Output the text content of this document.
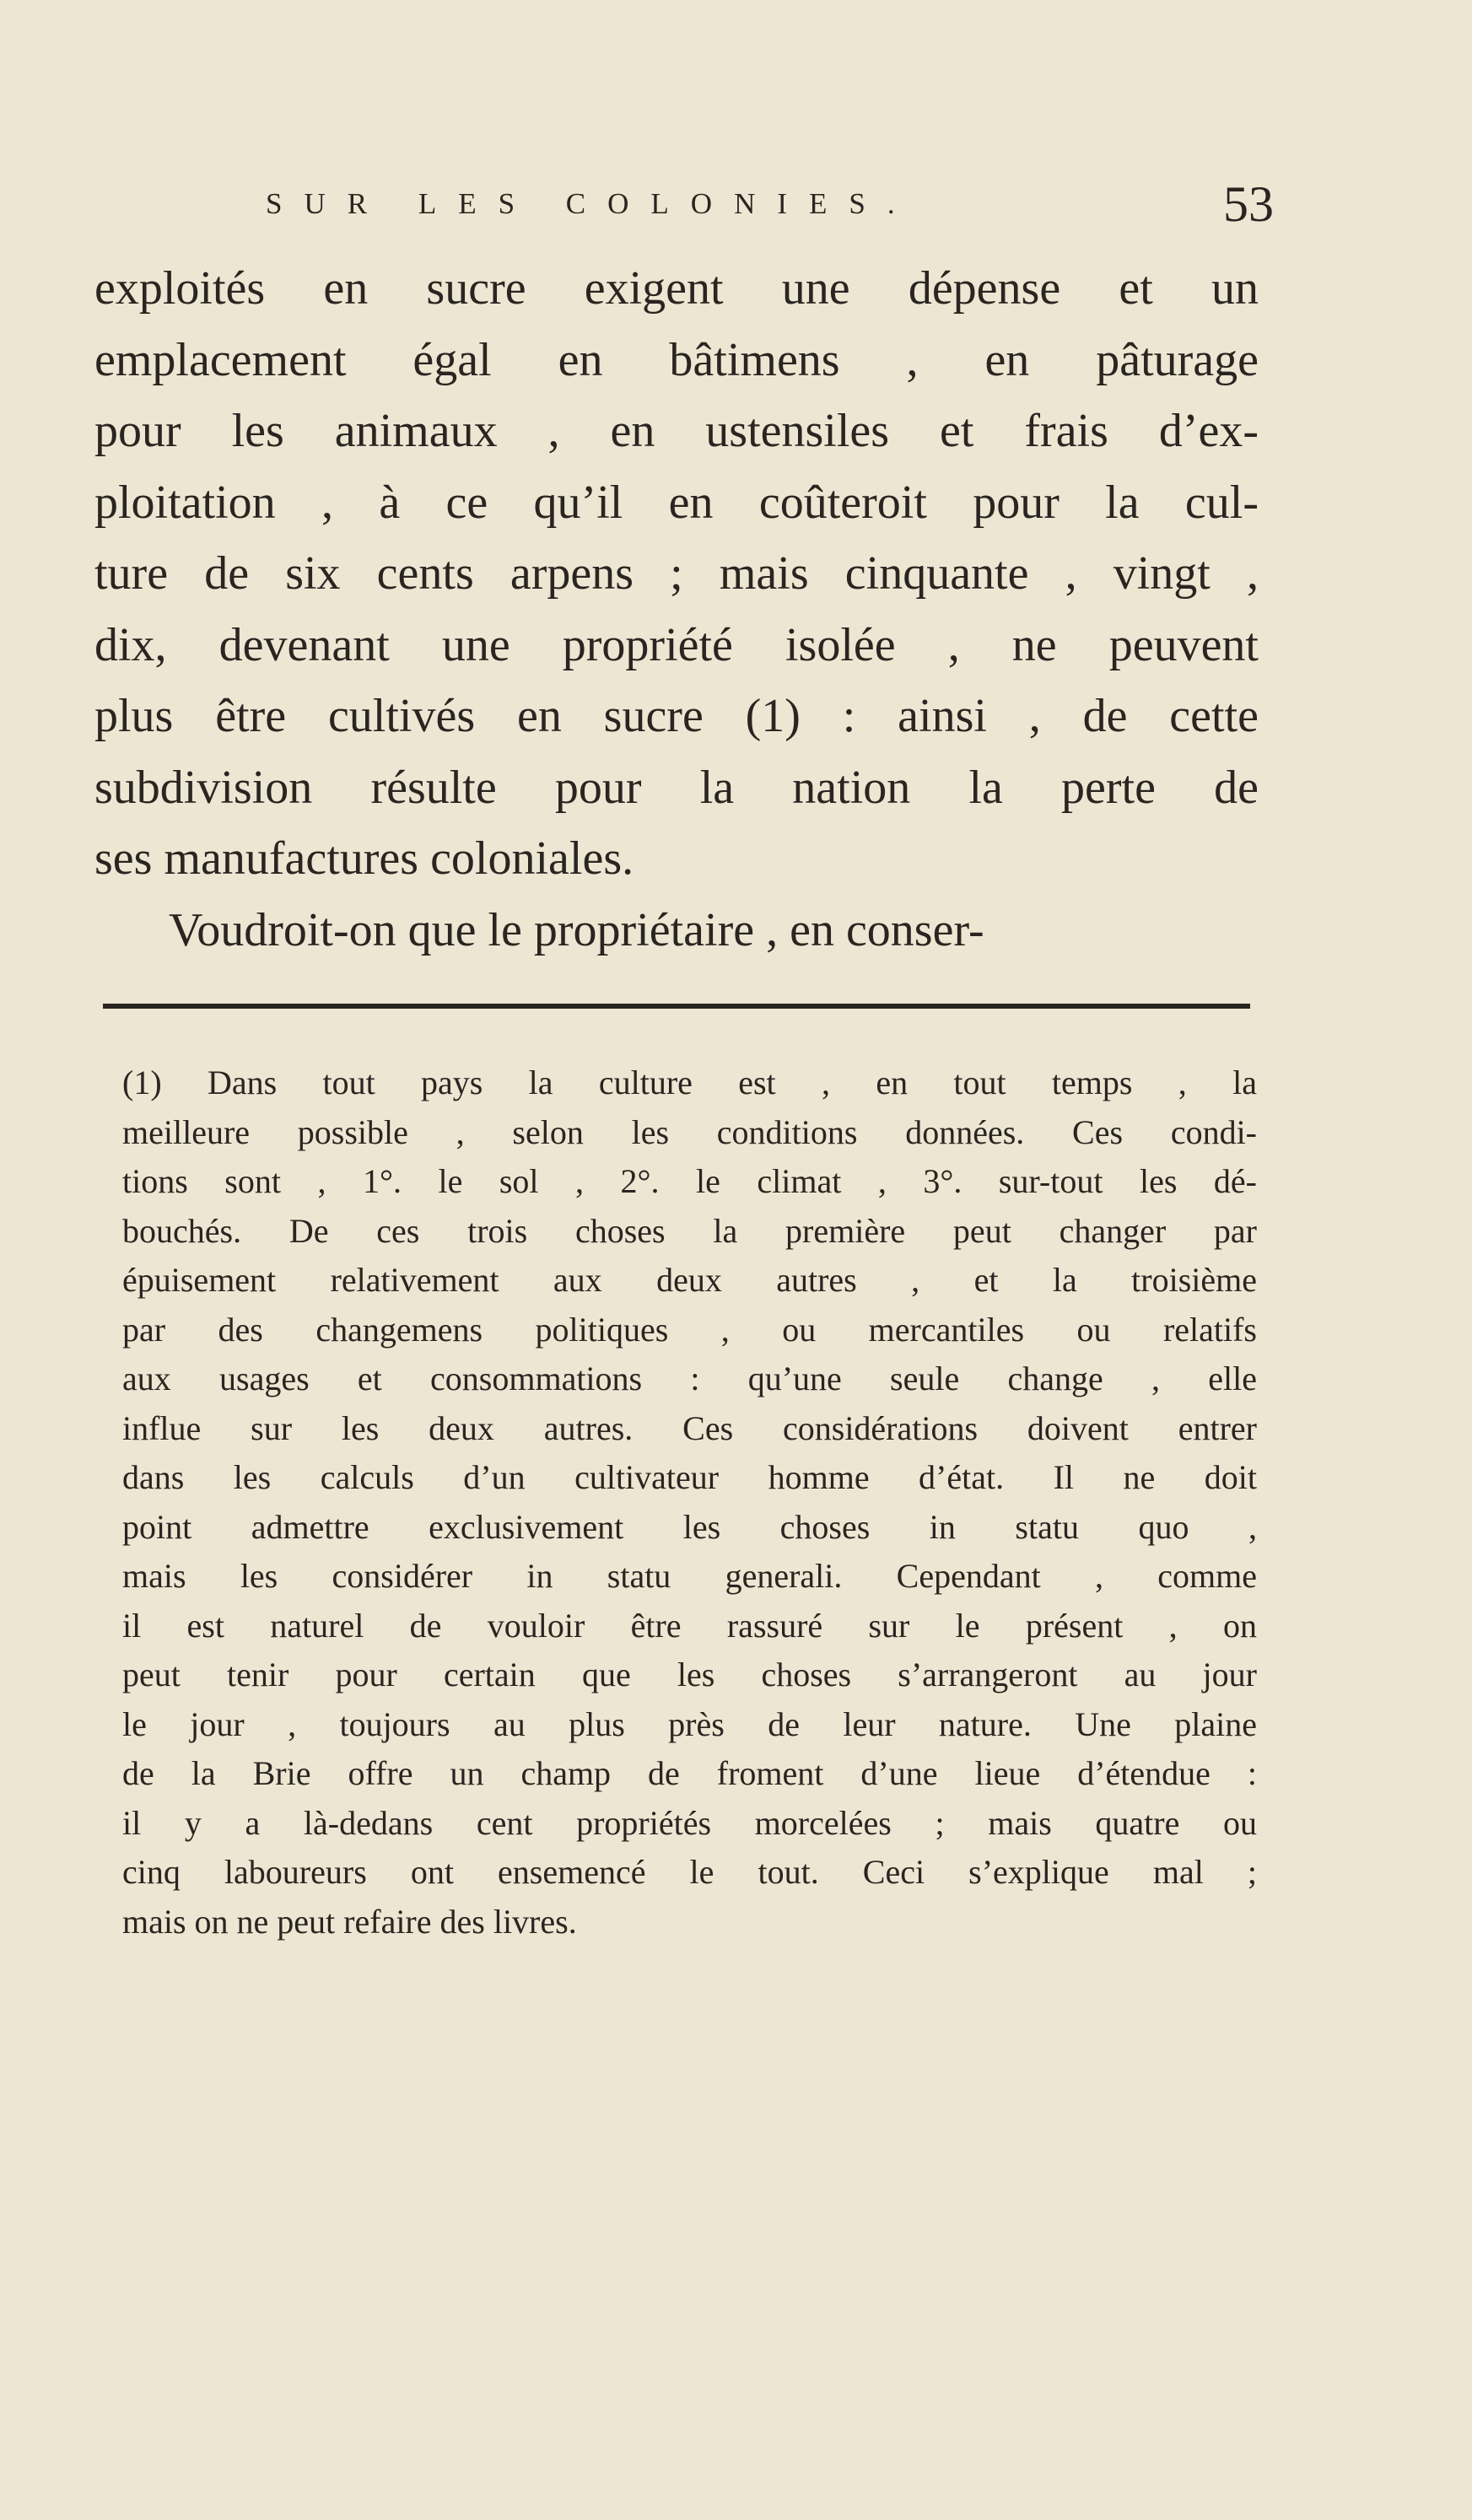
SUR LES COLONIES.	53
exploités en sucre exigent une dépense et un
emplacement égal en bâtimens , en pâturage
pour les animaux , en ustensiles et frais d’ex-
ploitation , à ce qu’il en coûteroit pour la cul-
ture de six cents arpens ; mais cinquante , vingt ,
dix, devenant une propriété isolée , ne peuvent
plus être cultivés en sucre (1) : ainsi , de cette
subdivision résulte pour la nation la perte de
ses manufactures coloniales.
Voudroit-on que le propriétaire , en conser-
(1) Dans tout pays la culture est , en tout temps , la
meilleure possible , selon les conditions données. Ces condi-
tions sont , 1°. le sol , 2°. le climat , 3°. sur-tout les dé-
bouchés. De ces trois choses la première peut changer par
épuisement relativement aux deux autres , et la troisième
par des changemens politiques , ou mercantiles ou relatifs
aux usages et consommations : qu’une seule change , elle
influe sur les deux autres. Ces considérations doivent entrer
dans les calculs d’un cultivateur homme d’état. Il ne doit
point admettre exclusivement les choses in statu quo ,
mais les considérer in statu generali. Cependant , comme
il est naturel de vouloir être rassuré sur le présent , on
peut tenir pour certain que les choses s’arrangeront au jour
le jour , toujours au plus près de leur nature. Une plaine
de la Brie offre un champ de froment d’une lieue d’étendue :
il y a là-dedans cent propriétés morcelées ; mais quatre ou
cinq laboureurs ont ensemencé le tout. Ceci s’explique mal ;
mais on ne peut refaire des livres.
